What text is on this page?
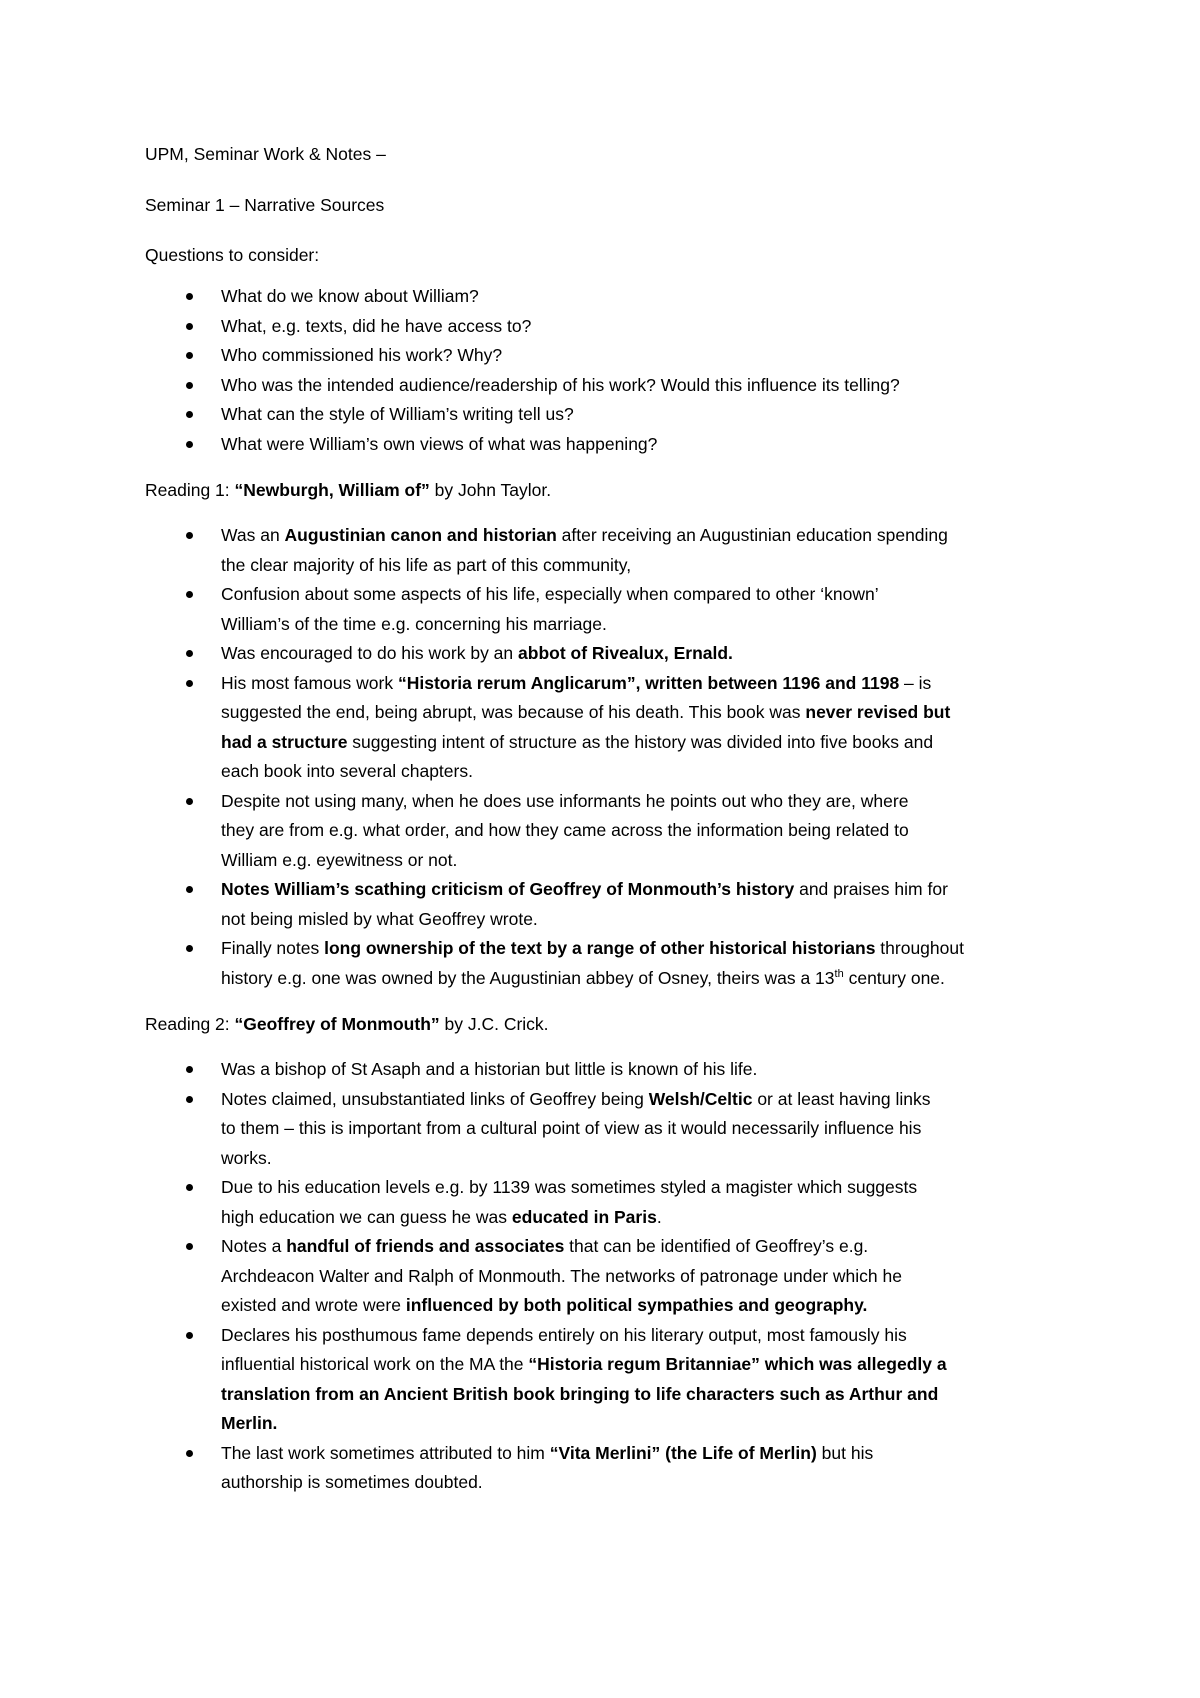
UPM, Seminar Work & Notes –

Seminar 1 – Narrative Sources

Questions to consider:

What do we know about William?
What, e.g. texts, did he have access to?
Who commissioned his work? Why?
Who was the intended audience/readership of his work? Would this influence its telling?
What can the style of William’s writing tell us?
What were William’s own views of what was happening?

Reading 1: “Newburgh, William of” by John Taylor.

Was an Augustinian canon and historian after receiving an Augustinian education spending
the clear majority of his life as part of this community,
Confusion about some aspects of his life, especially when compared to other ‘known’
William’s of the time e.g. concerning his marriage.
Was encouraged to do his work by an abbot of Rivealux, Ernald.
His most famous work “Historia rerum Anglicarum”, written between 1196 and 1198 – is
suggested the end, being abrupt, was because of his death. This book was never revised but
had a structure suggesting intent of structure as the history was divided into five books and
each book into several chapters.
Despite not using many, when he does use informants he points out who they are, where
they are from e.g. what order, and how they came across the information being related to
William e.g. eyewitness or not.
Notes William’s scathing criticism of Geoffrey of Monmouth’s history and praises him for
not being misled by what Geoffrey wrote.
Finally notes long ownership of the text by a range of other historical historians throughout
history e.g. one was owned by the Augustinian abbey of Osney, theirs was a 13th century one.

Reading 2: “Geoffrey of Monmouth” by J.C. Crick.

Was a bishop of St Asaph and a historian but little is known of his life.
Notes claimed, unsubstantiated links of Geoffrey being Welsh/Celtic or at least having links
to them – this is important from a cultural point of view as it would necessarily influence his
works.
Due to his education levels e.g. by 1139 was sometimes styled a magister which suggests
high education we can guess he was educated in Paris.
Notes a handful of friends and associates that can be identified of Geoffrey’s e.g.
Archdeacon Walter and Ralph of Monmouth. The networks of patronage under which he
existed and wrote were influenced by both political sympathies and geography.
Declares his posthumous fame depends entirely on his literary output, most famously his
influential historical work on the MA the “Historia regum Britanniae” which was allegedly a
translation from an Ancient British book bringing to life characters such as Arthur and
Merlin.
The last work sometimes attributed to him “Vita Merlini” (the Life of Merlin) but his
authorship is sometimes doubted.
